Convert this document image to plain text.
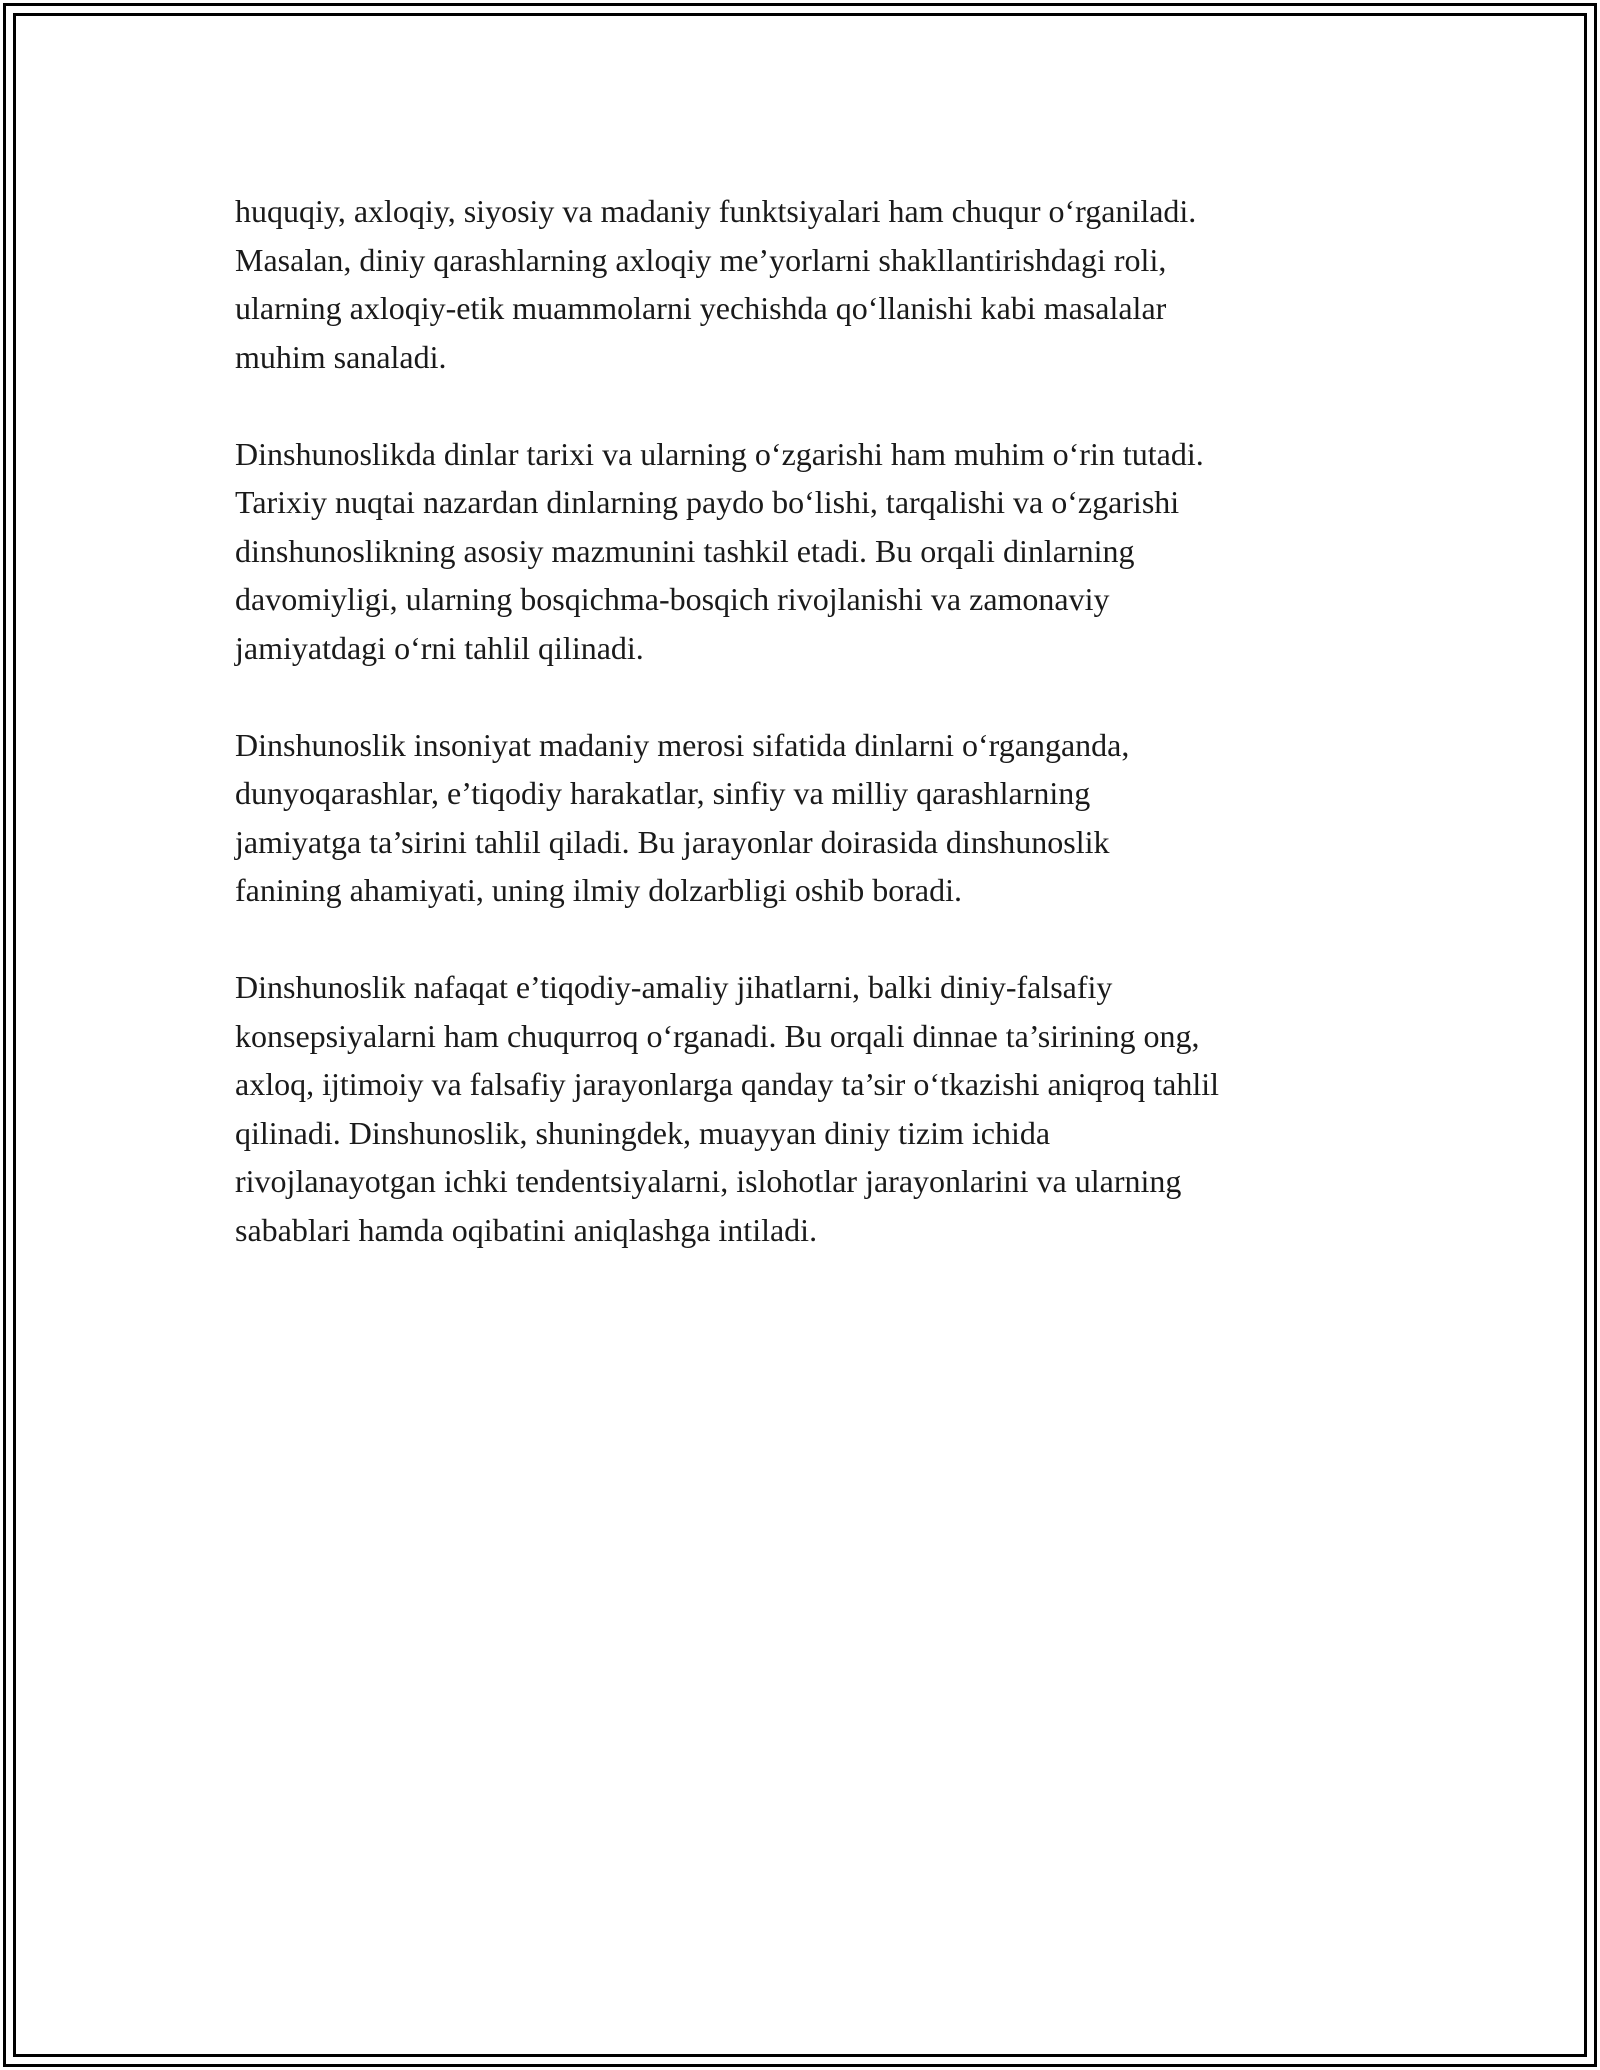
huquqiy, axloqiy, siyosiy va madaniy funktsiyalari ham chuqur o‘rganiladi.
Masalan, diniy qarashlarning axloqiy me’yorlarni shakllantirishdagi roli,
ularning axloqiy-etik muammolarni yechishda qo‘llanishi kabi masalalar
muhim sanaladi.

Dinshunoslikda dinlar tarixi va ularning o‘zgarishi ham muhim o‘rin tutadi.
Tarixiy nuqtai nazardan dinlarning paydo bo‘lishi, tarqalishi va o‘zgarishi
dinshunoslikning asosiy mazmunini tashkil etadi. Bu orqali dinlarning
davomiyligi, ularning bosqichma-bosqich rivojlanishi va zamonaviy
jamiyatdagi o‘rni tahlil qilinadi.

Dinshunoslik insoniyat madaniy merosi sifatida dinlarni o‘rganganda,
dunyoqarashlar, e’tiqodiy harakatlar, sinfiy va milliy qarashlarning
jamiyatga ta’sirini tahlil qiladi. Bu jarayonlar doirasida dinshunoslik
fanining ahamiyati, uning ilmiy dolzarbligi oshib boradi.

Dinshunoslik nafaqat e’tiqodiy-amaliy jihatlarni, balki diniy-falsafiy
konsepsiyalarni ham chuqurroq o‘rganadi. Bu orqali dinnae ta’sirining ong,
axloq, ijtimoiy va falsafiy jarayonlarga qanday ta’sir o‘tkazishi aniqroq tahlil
qilinadi. Dinshunoslik, shuningdek, muayyan diniy tizim ichida
rivojlanayotgan ichki tendentsiyalarni, islohotlar jarayonlarini va ularning
sabablari hamda oqibatini aniqlashga intiladi.
